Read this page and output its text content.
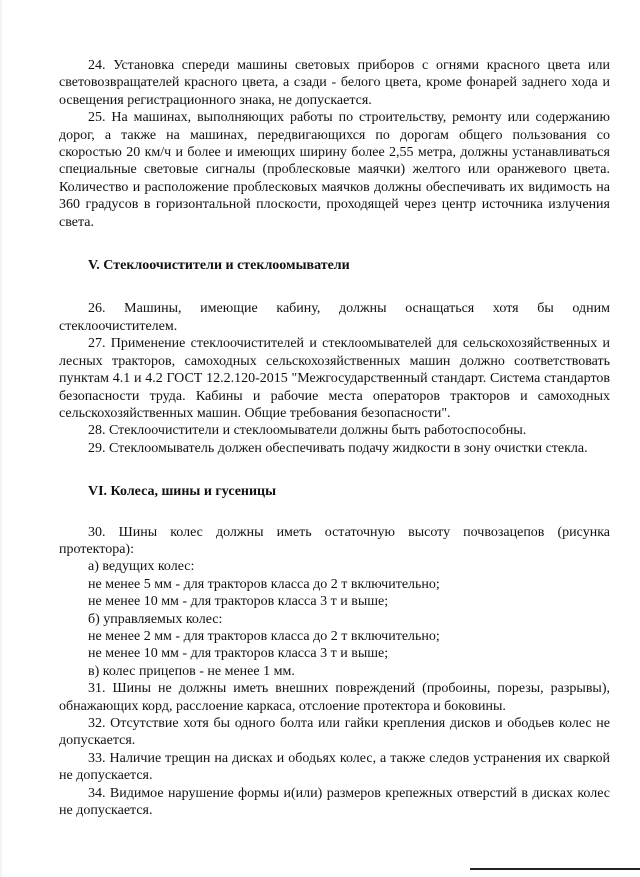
24. Установка спереди машины световых приборов с огнями красного цвета или световозвращателей красного цвета, а сзади - белого цвета, кроме фонарей заднего хода и освещения регистрационного знака, не допускается.

25. На машинах, выполняющих работы по строительству, ремонту или содержанию дорог, а также на машинах, передвигающихся по дорогам общего пользования со скоростью 20 км/ч и более и имеющих ширину более 2,55 метра, должны устанавливаться специальные световые сигналы (проблесковые маячки) желтого или оранжевого цвета. Количество и расположение проблесковых маячков должны обеспечивать их видимость на 360 градусов в горизонтальной плоскости, проходящей через центр источника излучения света.

V. Стеклоочистители и стеклоомыватели

26. Машины, имеющие кабину, должны оснащаться хотя бы одним стеклоочистителем.

27. Применение стеклоочистителей и стеклоомывателей для сельскохозяйственных и лесных тракторов, самоходных сельскохозяйственных машин должно соответствовать пунктам 4.1 и 4.2 ГОСТ 12.2.120-2015 "Межгосударственный стандарт. Система стандартов безопасности труда. Кабины и рабочие места операторов тракторов и самоходных сельскохозяйственных машин. Общие требования безопасности".

28. Стеклоочистители и стеклоомыватели должны быть работоспособны.

29. Стеклоомыватель должен обеспечивать подачу жидкости в зону очистки стекла.

VI. Колеса, шины и гусеницы

30. Шины колес должны иметь остаточную высоту почвозацепов (рисунка протектора):

а) ведущих колес:

не менее 5 мм - для тракторов класса до 2 т включительно;

не менее 10 мм - для тракторов класса 3 т и выше;

б) управляемых колес:

не менее 2 мм - для тракторов класса до 2 т включительно;

не менее 10 мм - для тракторов класса 3 т и выше;

в) колес прицепов - не менее 1 мм.

31. Шины не должны иметь внешних повреждений (пробоины, порезы, разрывы), обнажающих корд, расслоение каркаса, отслоение протектора и боковины.

32. Отсутствие хотя бы одного болта или гайки крепления дисков и ободьев колес не допускается.

33. Наличие трещин на дисках и ободьях колес, а также следов устранения их сваркой не допускается.

34. Видимое нарушение формы и(или) размеров крепежных отверстий в дисках колес не допускается.
